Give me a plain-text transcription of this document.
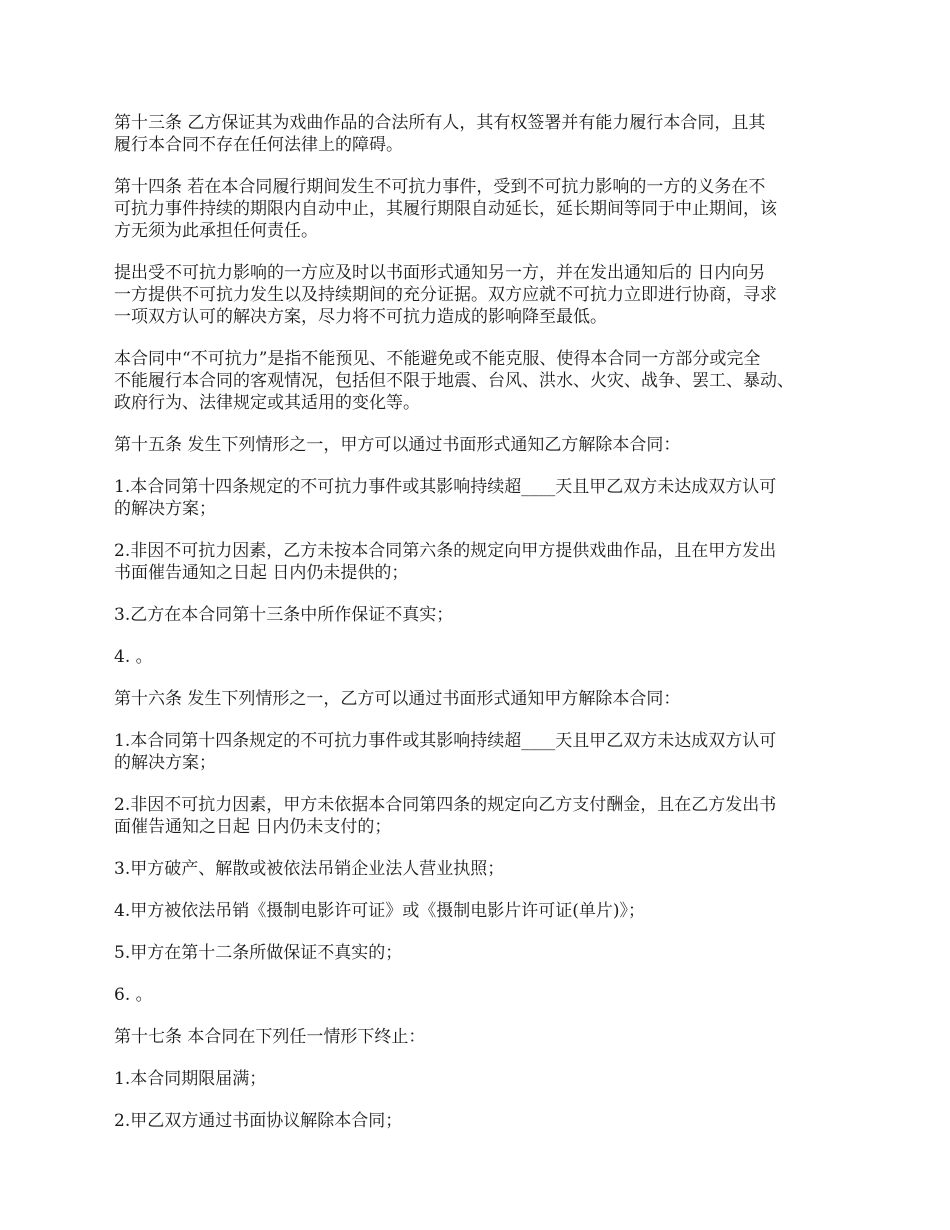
第十三条 乙方保证其为戏曲作品的合法所有人，其有权签署并有能力履行本合同，且其
履行本合同不存在任何法律上的障碍。

第十四条 若在本合同履行期间发生不可抗力事件，受到不可抗力影响的一方的义务在不
可抗力事件持续的期限内自动中止，其履行期限自动延长，延长期间等同于中止期间，该
方无须为此承担任何责任。

提出受不可抗力影响的一方应及时以书面形式通知另一方，并在发出通知后的 日内向另
一方提供不可抗力发生以及持续期间的充分证据。双方应就不可抗力立即进行协商，寻求
一项双方认可的解决方案，尽力将不可抗力造成的影响降至最低。

本合同中“不可抗力”是指不能预见、不能避免或不能克服、使得本合同一方部分或完全
不能履行本合同的客观情况，包括但不限于地震、台风、洪水、火灾、战争、罢工、暴动、
政府行为、法律规定或其适用的变化等。

第十五条 发生下列情形之一，甲方可以通过书面形式通知乙方解除本合同：

1.本合同第十四条规定的不可抗力事件或其影响持续超____天且甲乙双方未达成双方认可
的解决方案；

2.非因不可抗力因素，乙方未按本合同第六条的规定向甲方提供戏曲作品，且在甲方发出
书面催告通知之日起 日内仍未提供的；

3.乙方在本合同第十三条中所作保证不真实；

4. 。

第十六条 发生下列情形之一，乙方可以通过书面形式通知甲方解除本合同：

1.本合同第十四条规定的不可抗力事件或其影响持续超____天且甲乙双方未达成双方认可
的解决方案；

2.非因不可抗力因素，甲方未依据本合同第四条的规定向乙方支付酬金，且在乙方发出书
面催告通知之日起 日内仍未支付的；

3.甲方破产、解散或被依法吊销企业法人营业执照；

4.甲方被依法吊销《摄制电影许可证》或《摄制电影片许可证(单片)》；

5.甲方在第十二条所做保证不真实的；

6. 。

第十七条 本合同在下列任一情形下终止：

1.本合同期限届满；

2.甲乙双方通过书面协议解除本合同；
